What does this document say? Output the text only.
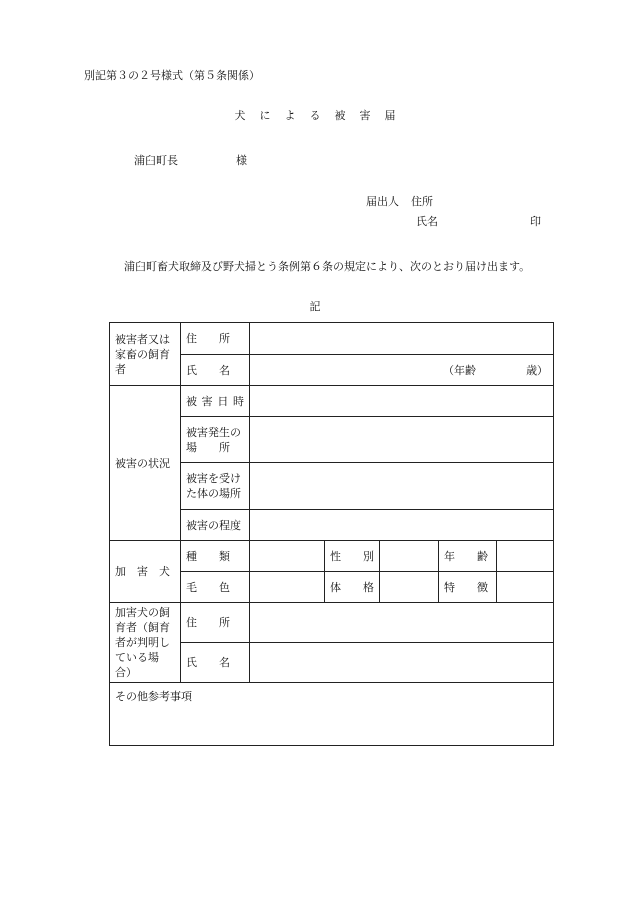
別記第３の２号様式（第５条関係）
犬 に よ る 被 害 届
浦臼町長	様
届出人 住所
氏名	印
浦臼町畜犬取締及び野犬掃とう条例第６条の規定により、次のとおり届け出ます。
記
被害者又は家畜の飼育者	住　　所					
	氏　　名	（年齢 歳）				

被害の状況	被害日時					

	被害発生の
場　　所					

	被害を受けた体の場所					
	被害の程度					
加　害　犬	種　　類		性　　別		年　　齢	
	毛　　色		体　　格		特　　徴	
加害犬の飼育者（飼育者が判明している場合）	住　　所					
	氏　　名					
その他参考事項						
